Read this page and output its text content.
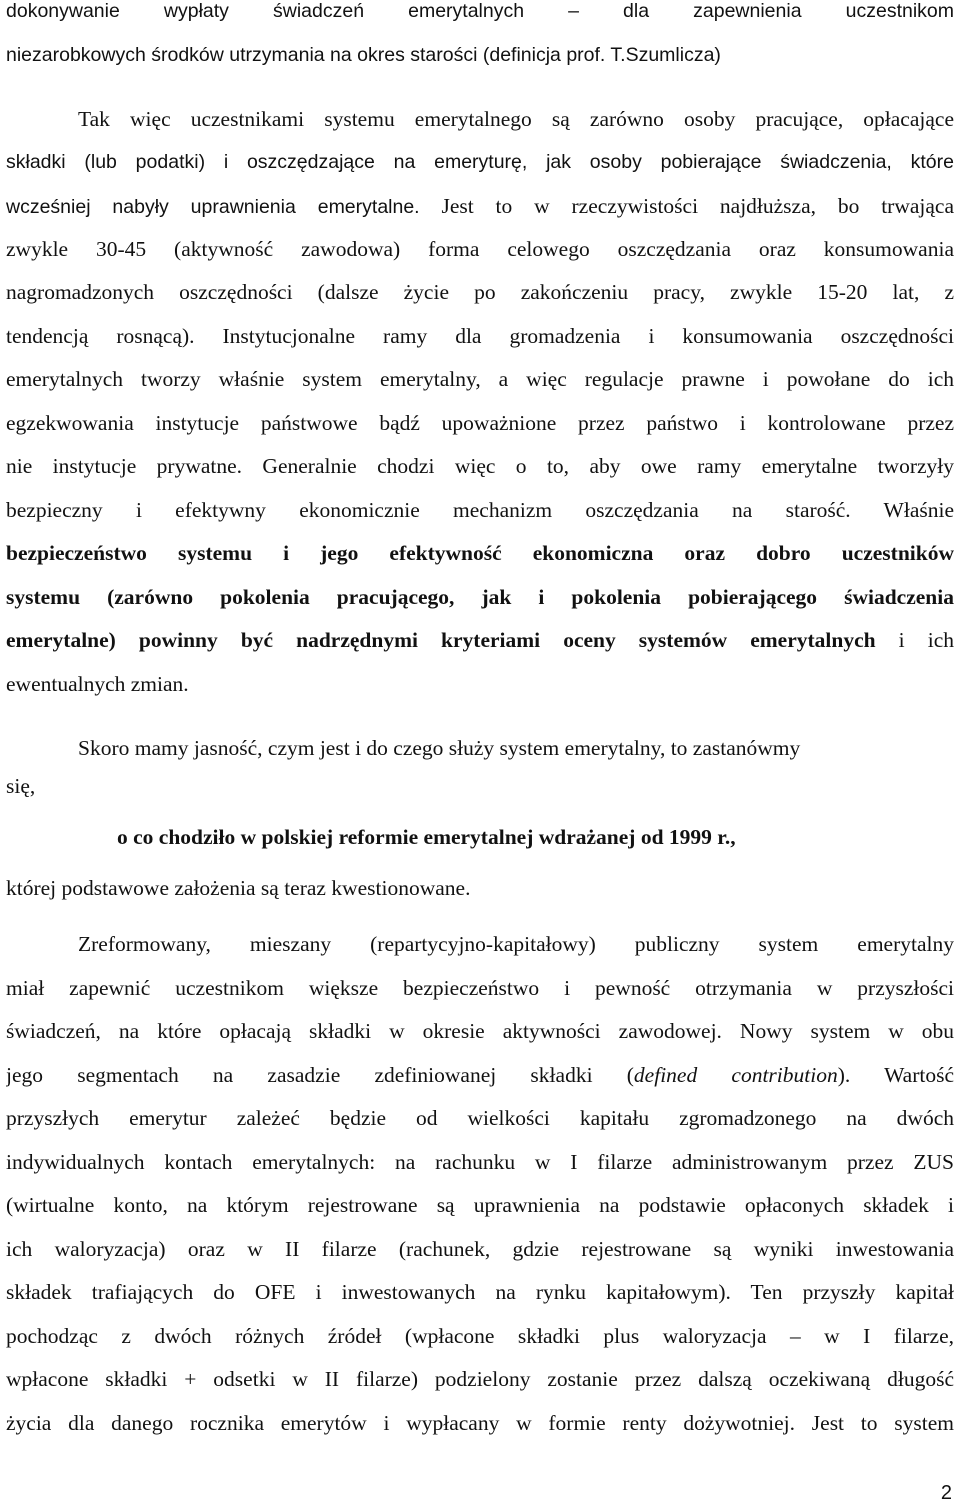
dokonywanie wypłaty świadczeń emerytalnych – dla zapewnienia uczestnikom
niezarobkowych środków utrzymania na okres starości (definicja prof. T.Szumlicza)
Tak więc uczestnikami systemu emerytalnego są zarówno osoby pracujące, opłacające
składki (lub podatki) i oszczędzające na emeryturę, jak osoby pobierające świadczenia, które
wcześniej nabyły uprawnienia emerytalne. Jest to w rzeczywistości najdłuższa, bo trwająca
zwykle 30-45 (aktywność zawodowa) forma celowego oszczędzania oraz konsumowania
nagromadzonych oszczędności (dalsze życie po zakończeniu pracy, zwykle 15-20 lat, z
tendencją rosnącą). Instytucjonalne ramy dla gromadzenia i konsumowania oszczędności
emerytalnych tworzy właśnie system emerytalny, a więc regulacje prawne i powołane do ich
egzekwowania instytucje państwowe bądź upoważnione przez państwo i kontrolowane przez
nie instytucje prywatne. Generalnie chodzi więc o to, aby owe ramy emerytalne tworzyły
bezpieczny i efektywny ekonomicznie mechanizm oszczędzania na starość. Właśnie
bezpieczeństwo systemu i jego efektywność ekonomiczna oraz dobro uczestników
systemu (zarówno pokolenia pracującego, jak i pokolenia pobierającego świadczenia
emerytalne) powinny być nadrzędnymi kryteriami oceny systemów emerytalnych i ich
ewentualnych zmian.
Skoro mamy jasność, czym jest i do czego służy system emerytalny, to zastanówmy
się,
o co chodziło w polskiej reformie emerytalnej wdrażanej od 1999 r.,
której podstawowe założenia są teraz kwestionowane.
Zreformowany, mieszany (repartycyjno-kapitałowy) publiczny system emerytalny
miał zapewnić uczestnikom większe bezpieczeństwo i pewność otrzymania w przyszłości
świadczeń, na które opłacają składki w okresie aktywności zawodowej. Nowy system w obu
jego segmentach na zasadzie zdefiniowanej składki (defined contribution). Wartość
przyszłych emerytur zależeć będzie od wielkości kapitału zgromadzonego na dwóch
indywidualnych kontach emerytalnych: na rachunku w I filarze administrowanym przez ZUS
(wirtualne konto, na którym rejestrowane są uprawnienia na podstawie opłaconych składek i
ich waloryzacja) oraz w II filarze (rachunek, gdzie rejestrowane są wyniki inwestowania
składek trafiających do OFE i inwestowanych na rynku kapitałowym). Ten przyszły kapitał
pochodząc z dwóch różnych źródeł (wpłacone składki plus waloryzacja – w I filarze,
wpłacone składki + odsetki w II filarze) podzielony zostanie przez dalszą oczekiwaną długość
życia dla danego rocznika emerytów i wypłacany w formie renty dożywotniej. Jest to system
2
